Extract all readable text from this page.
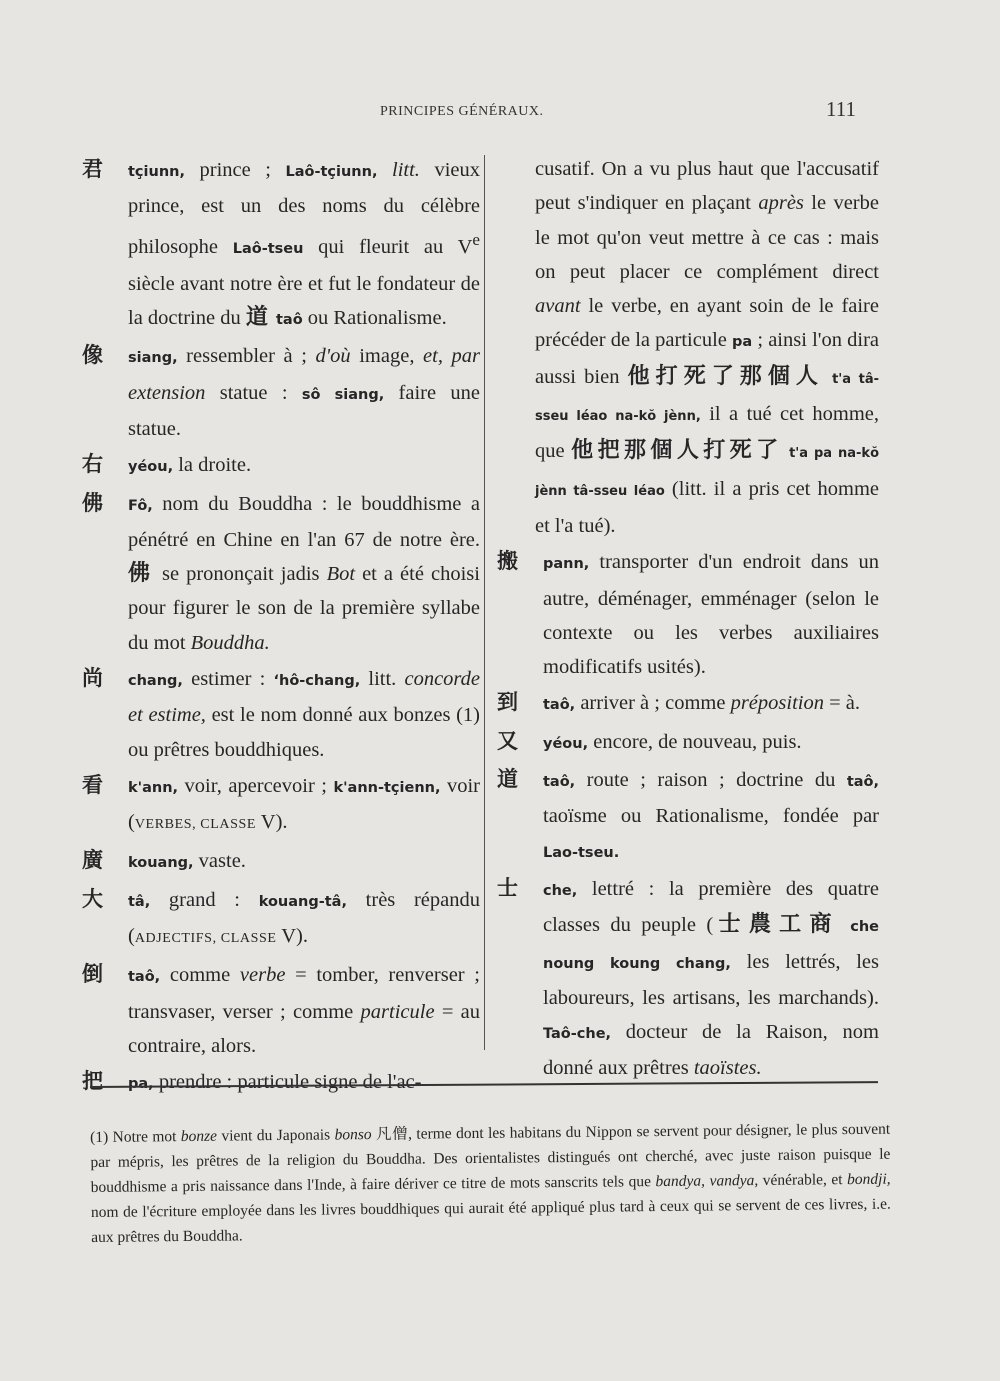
PRINCIPES GÉNÉRAUX.	111
君 tçiunn, prince ; Laô-tçiunn, litt. vieux prince, est un des noms du célèbre philosophe Laô-tseu qui fleurit au Ve siècle avant notre ère et fut le fondateur de la doctrine du 道 taô ou Rationalisme.
像 siang, ressembler à ; d'où image, et, par extension statue : sô siang, faire une statue.
右 yéou, la droite.
佛 Fô, nom du Bouddha : le bouddhisme a pénétré en Chine en l'an 67 de notre ère. 佛 se prononçait jadis Bot et a été choisi pour figurer le son de la première syllabe du mot Bouddha.
尚 chang, estimer : ‘hô-chang, litt. concorde et estime, est le nom donné aux bonzes (1) ou prêtres bouddhiques.
看 k'ann, voir, apercevoir ; k'ann-tçienn, voir (VERBES, CLASSE V).
廣 kouang, vaste.
大 tâ, grand : kouang-tâ, très répandu (ADJECTIFS, CLASSE V).
倒 taô, comme verbe = tomber, renverser ; transvaser, verser ; comme particule = au contraire, alors.
把 pa, prendre : particule signe de l'ac-
cusatif. On a vu plus haut que l'accusatif peut s'indiquer en plaçant après le verbe le mot qu'on veut mettre à ce cas : mais on peut placer ce complément direct avant le verbe, en ayant soin de le faire précéder de la particule pa ; ainsi l'on dira aussi bien 他打死了那個人 t'a tâ-sseu léao na-kŏ jènn, il a tué cet homme, que 他把那個人打死了 t'a pa na-kŏ jènn tâ-sseu léao (litt. il a pris cet homme et l'a tué).
搬 pann, transporter d'un endroit dans un autre, déménager, emménager (selon le contexte ou les verbes auxiliaires modificatifs usités).
到 taô, arriver à ; comme préposition = à.
又 yéou, encore, de nouveau, puis.
道 taô, route ; raison ; doctrine du taô, taoïsme ou Rationalisme, fondée par Lao-tseu.
士 che, lettré : la première des quatre classes du peuple (士農工商 che noung koung chang, les lettrés, les laboureurs, les artisans, les marchands). Taô-che, docteur de la Raison, nom donné aux prêtres taoïstes.
(1) Notre mot bonze vient du Japonais bonso 凡僧, terme dont les habitans du Nippon se servent pour désigner, le plus souvent par mépris, les prêtres de la religion du Bouddha. Des orientalistes distingués ont cherché, avec juste raison puisque le bouddhisme a pris naissance dans l'Inde, à faire dériver ce titre de mots sanscrits tels que bandya, vandya, vénérable, et bondji, nom de l'écriture employée dans les livres bouddhiques qui aurait été appliqué plus tard à ceux qui se servent de ces livres, i.e. aux prêtres du Bouddha.
